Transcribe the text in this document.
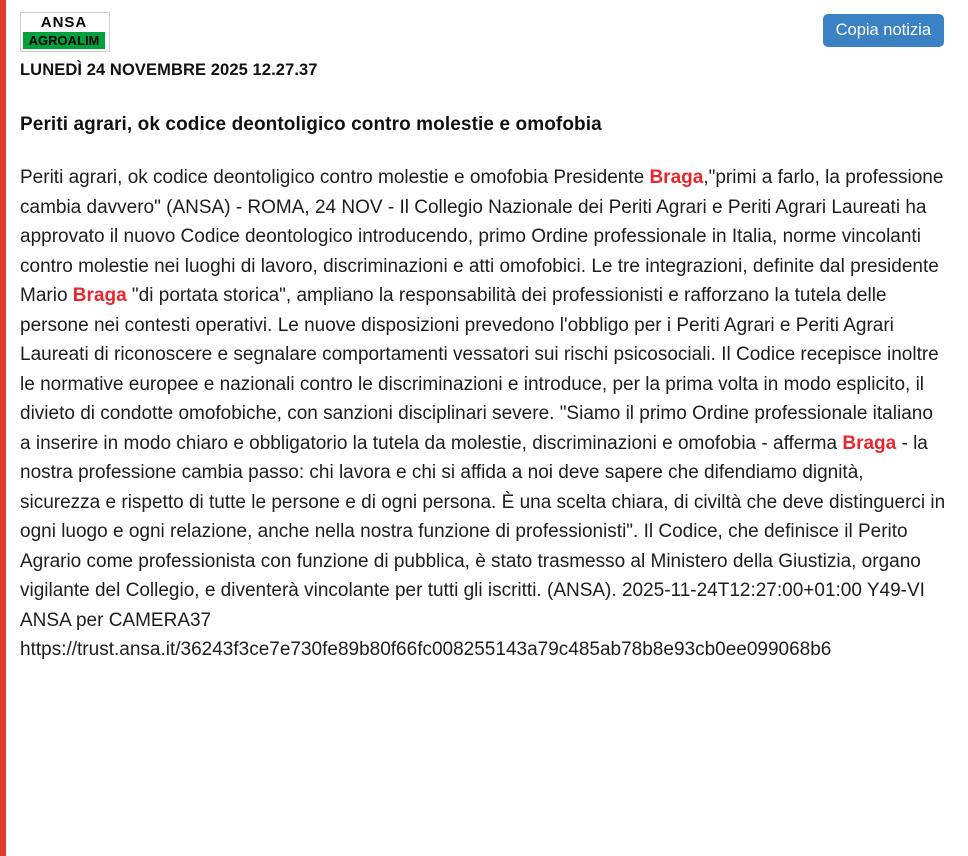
ANSA
AGROALIM
Copia notizia
LUNEDÌ 24 NOVEMBRE 2025 12.27.37
Periti agrari, ok codice deontoligico contro molestie e omofobia
Periti agrari, ok codice deontoligico contro molestie e omofobia Presidente Braga,"primi a farlo, la professione cambia davvero" (ANSA) - ROMA, 24 NOV - Il Collegio Nazionale dei Periti Agrari e Periti Agrari Laureati ha approvato il nuovo Codice deontologico introducendo, primo Ordine professionale in Italia, norme vincolanti contro molestie nei luoghi di lavoro, discriminazioni e atti omofobici. Le tre integrazioni, definite dal presidente Mario Braga "di portata storica", ampliano la responsabilità dei professionisti e rafforzano la tutela delle persone nei contesti operativi. Le nuove disposizioni prevedono l'obbligo per i Periti Agrari e Periti Agrari Laureati di riconoscere e segnalare comportamenti vessatori sui rischi psicosociali. Il Codice recepisce inoltre le normative europee e nazionali contro le discriminazioni e introduce, per la prima volta in modo esplicito, il divieto di condotte omofobiche, con sanzioni disciplinari severe. "Siamo il primo Ordine professionale italiano a inserire in modo chiaro e obbligatorio la tutela da molestie, discriminazioni e omofobia - afferma Braga - la nostra professione cambia passo: chi lavora e chi si affida a noi deve sapere che difendiamo dignità, sicurezza e rispetto di tutte le persone e di ogni persona. È una scelta chiara, di civiltà che deve distinguerci in ogni luogo e ogni relazione, anche nella nostra funzione di professionisti". Il Codice, che definisce il Perito Agrario come professionista con funzione di pubblica, è stato trasmesso al Ministero della Giustizia, organo vigilante del Collegio, e diventerà vincolante per tutti gli iscritti. (ANSA). 2025-11-24T12:27:00+01:00 Y49-VI ANSA per CAMERA37 https://trust.ansa.it/36243f3ce7e730fe89b80f66fc008255143a79c485ab78b8e93cb0ee099068b6
